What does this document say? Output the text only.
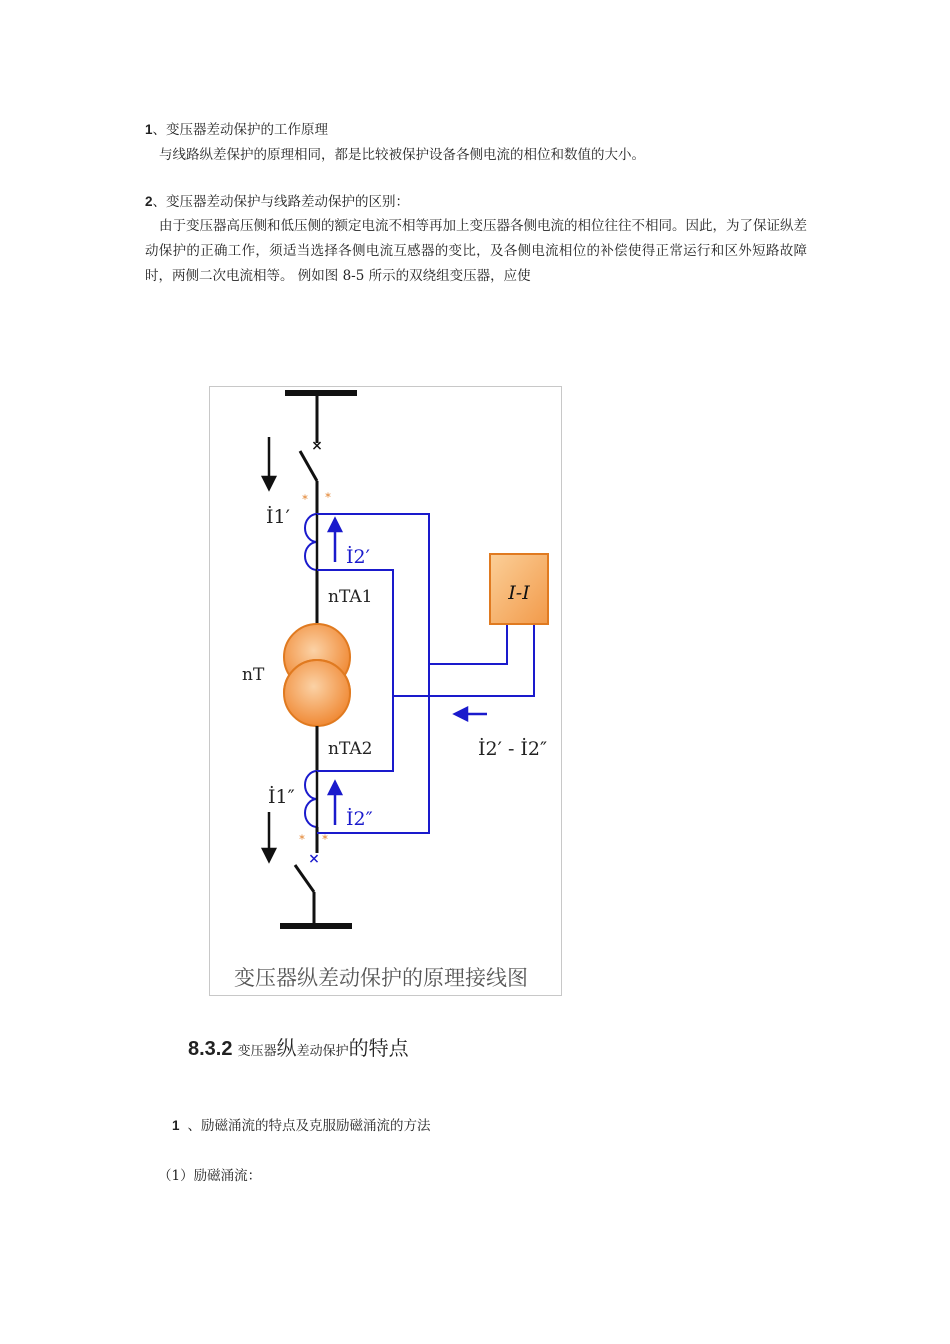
1、变压器差动保护的工作原理
与线路纵差保护的原理相同，都是比较被保护设备各侧电流的相位和数值的大小。
2、变压器差动保护与线路差动保护的区别：
由于变压器高压侧和低压侧的额定电流不相等再加上变压器各侧电流的相位往往不相同。因此，为了保证纵差动保护的正确工作，须适当选择各侧电流互感器的变比，及各侧电流相位的补偿使得正常运行和区外短路故障时，两侧二次电流相等。 例如图 8-5 所示的双绕组变压器，应使
×
* *
* *
×
I-I
İ1′
İ2′
nTA1
nT
nTA2
İ1″
İ2″
İ2′ - İ2″
变压器纵差动保护的原理接线图
8.3.2 变压器纵差动保护的特点
1 、励磁涌流的特点及克服励磁涌流的方法
（1）励磁涌流：
